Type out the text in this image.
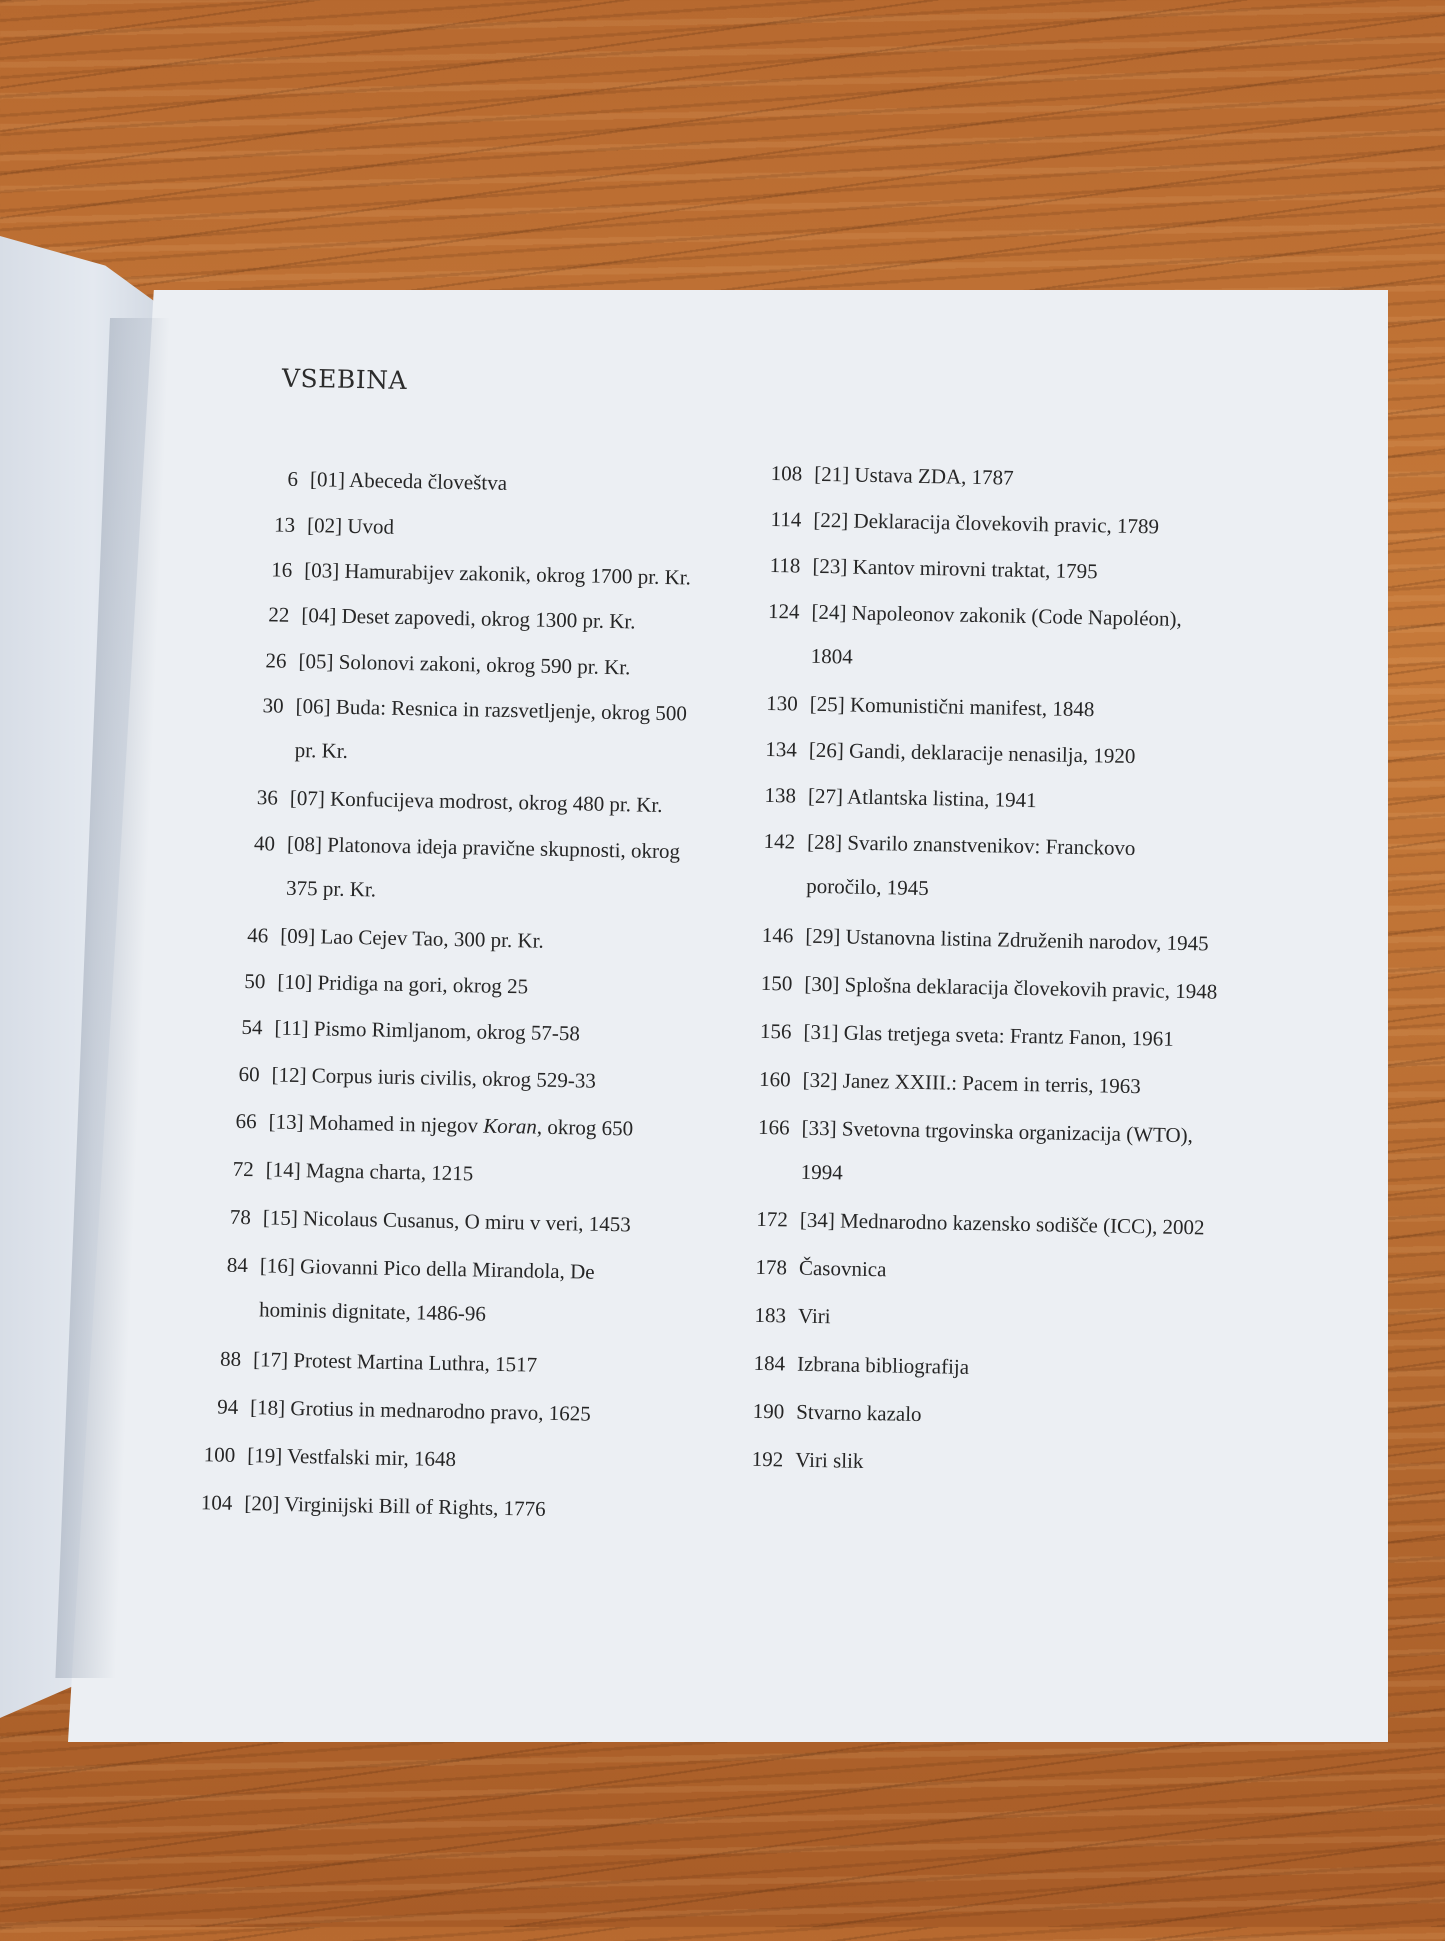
VSEBINA
6 [01] Abeceda človeštva
13 [02] Uvod
16 [03] Hamurabijev zakonik, okrog 1700 pr. Kr.
22 [04] Deset zapovedi, okrog 1300 pr. Kr.
26 [05] Solonovi zakoni, okrog 590 pr. Kr.
30 [06] Buda: Resnica in razsvetljenje, okrog 500
pr. Kr.
36 [07] Konfucijeva modrost, okrog 480 pr. Kr.
40 [08] Platonova ideja pravične skupnosti, okrog
375 pr. Kr.
46 [09] Lao Cejev Tao, 300 pr. Kr.
50 [10] Pridiga na gori, okrog 25
54 [11] Pismo Rimljanom, okrog 57-58
60 [12] Corpus iuris civilis, okrog 529-33
66 [13] Mohamed in njegov Koran, okrog 650
72 [14] Magna charta, 1215
78 [15] Nicolaus Cusanus, O miru v veri, 1453
84 [16] Giovanni Pico della Mirandola, De
hominis dignitate, 1486-96
88 [17] Protest Martina Luthra, 1517
94 [18] Grotius in mednarodno pravo, 1625
100 [19] Vestfalski mir, 1648
104 [20] Virginijski Bill of Rights, 1776
108 [21] Ustava ZDA, 1787
114 [22] Deklaracija človekovih pravic, 1789
118 [23] Kantov mirovni traktat, 1795
124 [24] Napoleonov zakonik (Code Napoléon),
1804
130 [25] Komunistični manifest, 1848
134 [26] Gandi, deklaracije nenasilja, 1920
138 [27] Atlantska listina, 1941
142 [28] Svarilo znanstvenikov: Franckovo
poročilo, 1945
146 [29] Ustanovna listina Združenih narodov, 1945
150 [30] Splošna deklaracija človekovih pravic, 1948
156 [31] Glas tretjega sveta: Frantz Fanon, 1961
160 [32] Janez XXIII.: Pacem in terris, 1963
166 [33] Svetovna trgovinska organizacija (WTO),
1994
172 [34] Mednarodno kazensko sodišče (ICC), 2002
178 Časovnica
183 Viri
184 Izbrana bibliografija
190 Stvarno kazalo
192 Viri slik
